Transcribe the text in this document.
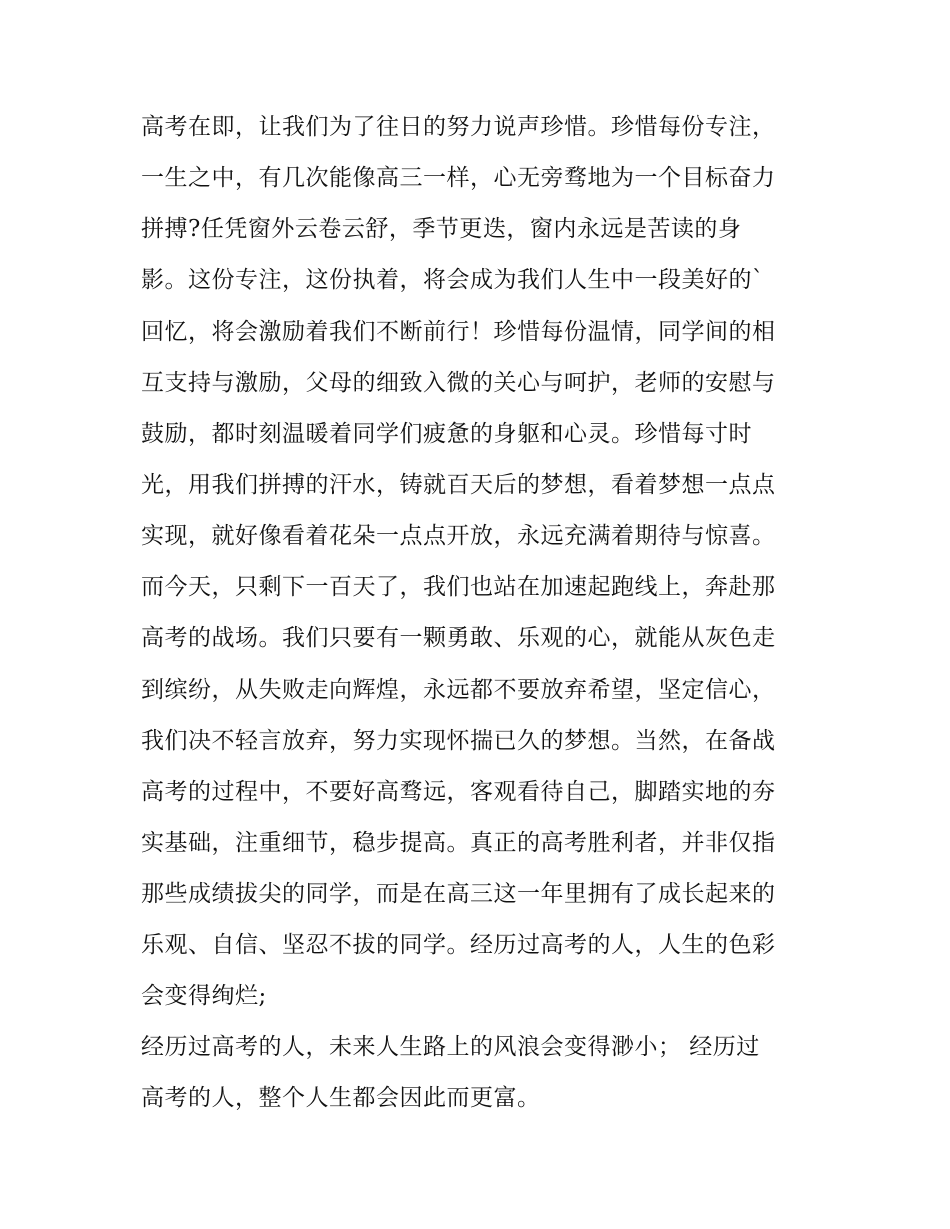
高考在即，让我们为了往日的努力说声珍惜。珍惜每份专注，
一生之中，有几次能像高三一样，心无旁骛地为一个目标奋力
拼搏?任凭窗外云卷云舒，季节更迭，窗内永远是苦读的身
影。这份专注，这份执着，将会成为我们人生中一段美好的`
回忆，将会激励着我们不断前行！珍惜每份温情，同学间的相
互支持与激励，父母的细致入微的关心与呵护，老师的安慰与
鼓励，都时刻温暖着同学们疲惫的身躯和心灵。珍惜每寸时
光，用我们拼搏的汗水，铸就百天后的梦想，看着梦想一点点
实现，就好像看着花朵一点点开放，永远充满着期待与惊喜。
而今天，只剩下一百天了，我们也站在加速起跑线上，奔赴那
高考的战场。我们只要有一颗勇敢、乐观的心，就能从灰色走
到缤纷，从失败走向辉煌，永远都不要放弃希望，坚定信心，
我们决不轻言放弃，努力实现怀揣已久的梦想。当然，在备战
高考的过程中，不要好高骛远，客观看待自己，脚踏实地的夯
实基础，注重细节，稳步提高。真正的高考胜利者，并非仅指
那些成绩拔尖的同学，而是在高三这一年里拥有了成长起来的
乐观、自信、坚忍不拔的同学。经历过高考的人，人生的色彩
会变得绚烂;
经历过高考的人，未来人生路上的风浪会变得渺小； 经历过
高考的人，整个人生都会因此而更富。
